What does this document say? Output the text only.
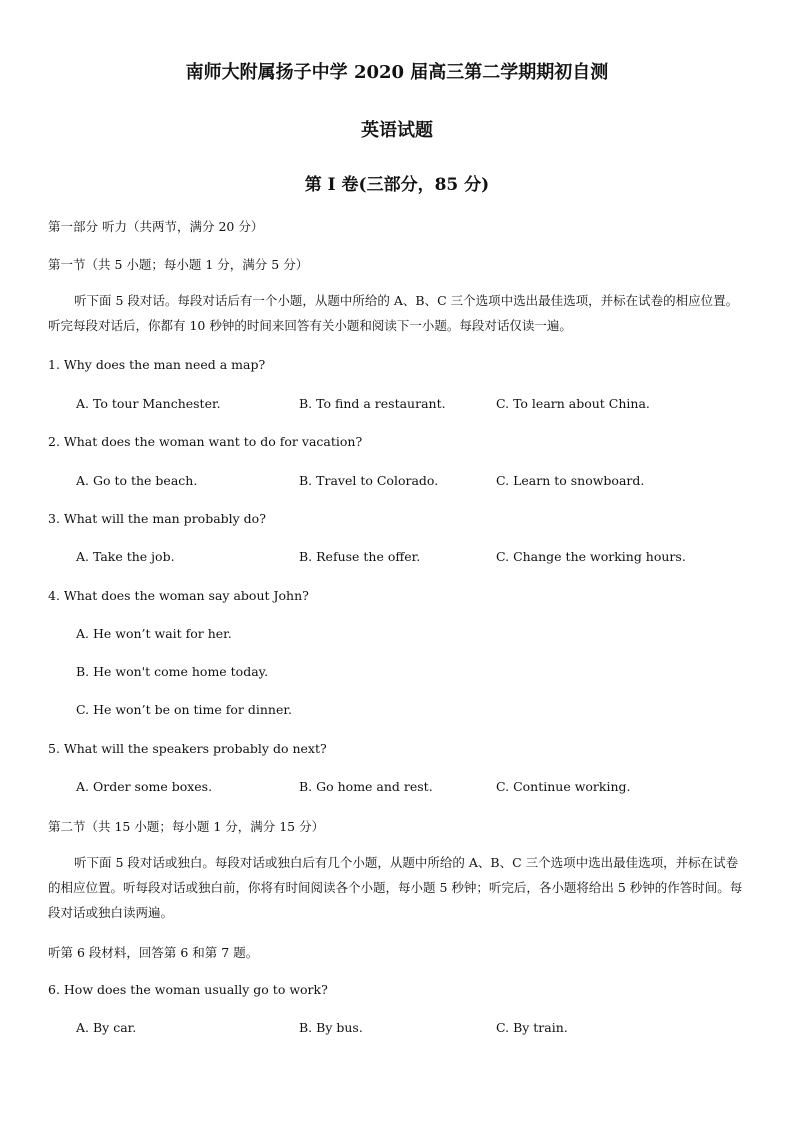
南师大附属扬子中学 2020 届高三第二学期期初自测
英语试题
第 I 卷(三部分，85 分)
第一部分 听力（共两节，满分 20 分）
第一节（共 5 小题；每小题 1 分，满分 5 分）
听下面 5 段对话。每段对话后有一个小题，从题中所给的 A、B、C 三个选项中选出最佳选项，并标在试卷的相应位置。听完每段对话后，你都有 10 秒钟的时间来回答有关小题和阅读下一小题。每段对话仅读一遍。
1. Why does the man need a map?
A. To tour Manchester.	B. To find a restaurant.	C. To learn about China.
2. What does the woman want to do for vacation?
A. Go to the beach.	B. Travel to Colorado.	C. Learn to snowboard.
3. What will the man probably do?
A. Take the job.	B. Refuse the offer.	C. Change the working hours.
4. What does the woman say about John?
A. He won’t wait for her.
B. He won't come home today.
C. He won’t be on time for dinner.
5. What will the speakers probably do next?
A. Order some boxes.	B. Go home and rest.	C. Continue working.
第二节（共 15 小题；每小题 1 分，满分 15 分）
听下面 5 段对话或独白。每段对话或独白后有几个小题，从题中所给的 A、B、C 三个选项中选出最佳选项，并标在试卷的相应位置。听每段对话或独白前，你将有时间阅读各个小题，每小题 5 秒钟；听完后，各小题将给出 5 秒钟的作答时间。每段对话或独白读两遍。
听第 6 段材料，回答第 6 和第 7 题。
6. How does the woman usually go to work?
A. By car.	B. By bus.	C. By train.
